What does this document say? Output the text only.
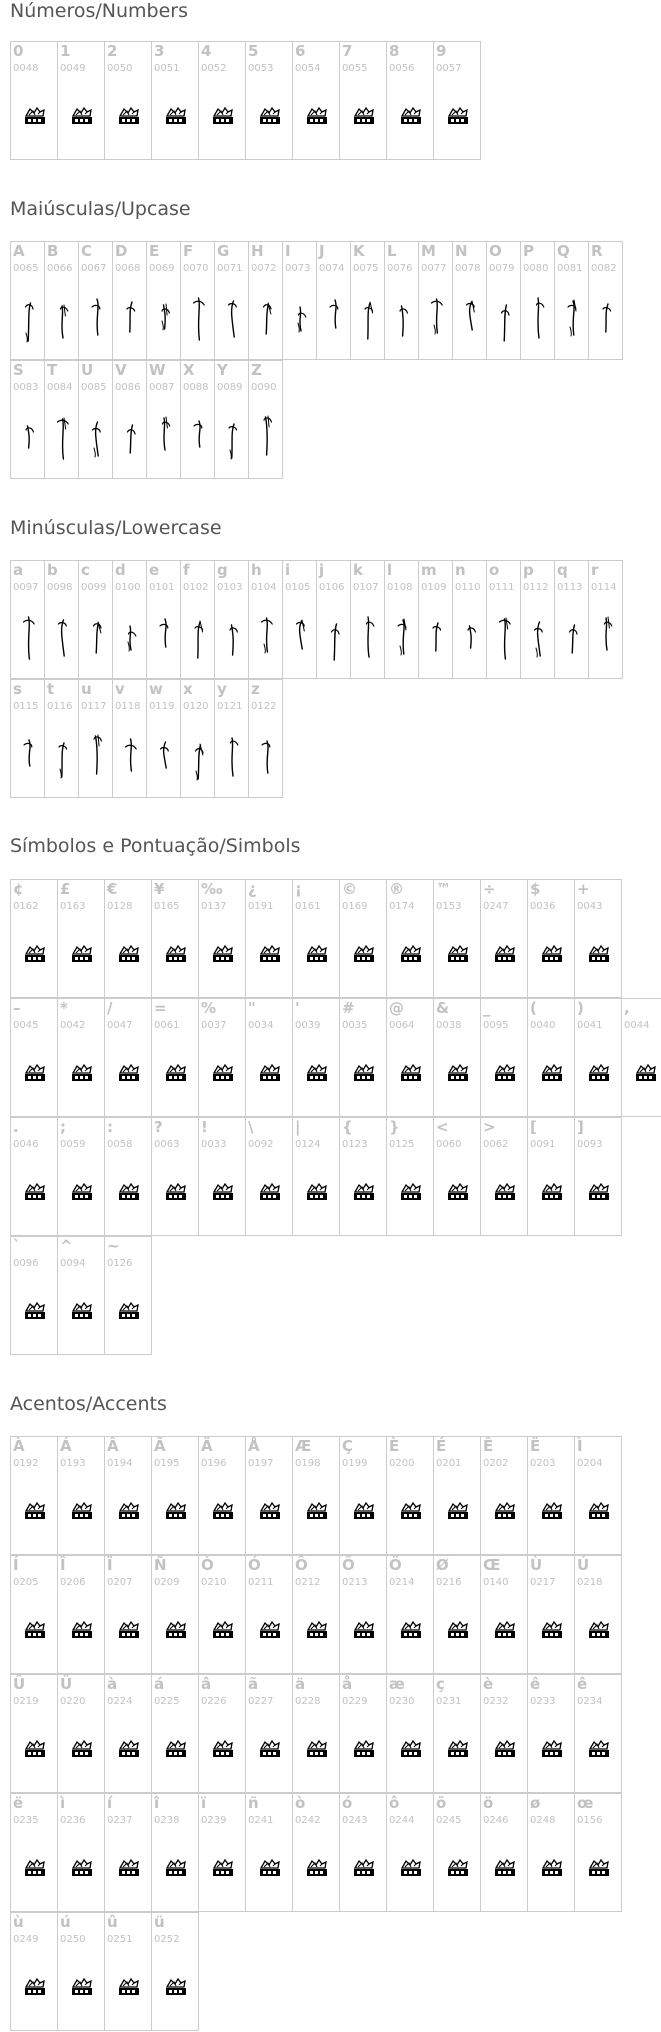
Números/Numbers
0
0048
1
0049
2
0050
3
0051
4
0052
5
0053
6
0054
7
0055
8
0056
9
0057
Maiúsculas/Upcase
A
0065
B
0066
C
0067
D
0068
E
0069
F
0070
G
0071
H
0072
I
0073
J
0074
K
0075
L
0076
M
0077
N
0078
O
0079
P
0080
Q
0081
R
0082
S
0083
T
0084
U
0085
V
0086
W
0087
X
0088
Y
0089
Z
0090
Minúsculas/Lowercase
a
0097
b
0098
c
0099
d
0100
e
0101
f
0102
g
0103
h
0104
i
0105
j
0106
k
0107
l
0108
m
0109
n
0110
o
0111
p
0112
q
0113
r
0114
s
0115
t
0116
u
0117
v
0118
w
0119
x
0120
y
0121
z
0122
Símbolos e Pontuação/Simbols
¢
0162
£
0163
€
0128
¥
0165
‰
0137
¿
0191
¡
0161
©
0169
®
0174
™
0153
÷
0247
$
0036
+
0043
–
0045
*
0042
/
0047
=
0061
%
0037
"
0034
'
0039
#
0035
@
0064
&
0038
_
0095
(
0040
)
0041
,
0044
.
0046
;
0059
:
0058
?
0063
!
0033
\
0092
|
0124
{
0123
}
0125
<
0060
>
0062
[
0091
]
0093
`
0096
^
0094
~
0126
Acentos/Accents
À
0192
Á
0193
Â
0194
Ã
0195
Ä
0196
Å
0197
Æ
0198
Ç
0199
È
0200
É
0201
Ê
0202
Ë
0203
Ì
0204
Í
0205
Î
0206
Ï
0207
Ñ
0209
Ò
0210
Ó
0211
Ô
0212
Õ
0213
Ö
0214
Ø
0216
Œ
0140
Ù
0217
Ú
0218
Û
0219
Ü
0220
à
0224
á
0225
â
0226
ã
0227
ä
0228
å
0229
æ
0230
ç
0231
è
0232
ê
0233
ê
0234
ë
0235
ì
0236
í
0237
î
0238
ï
0239
ñ
0241
ò
0242
ó
0243
ô
0244
õ
0245
ö
0246
ø
0248
œ
0156
ù
0249
ú
0250
û
0251
ü
0252
